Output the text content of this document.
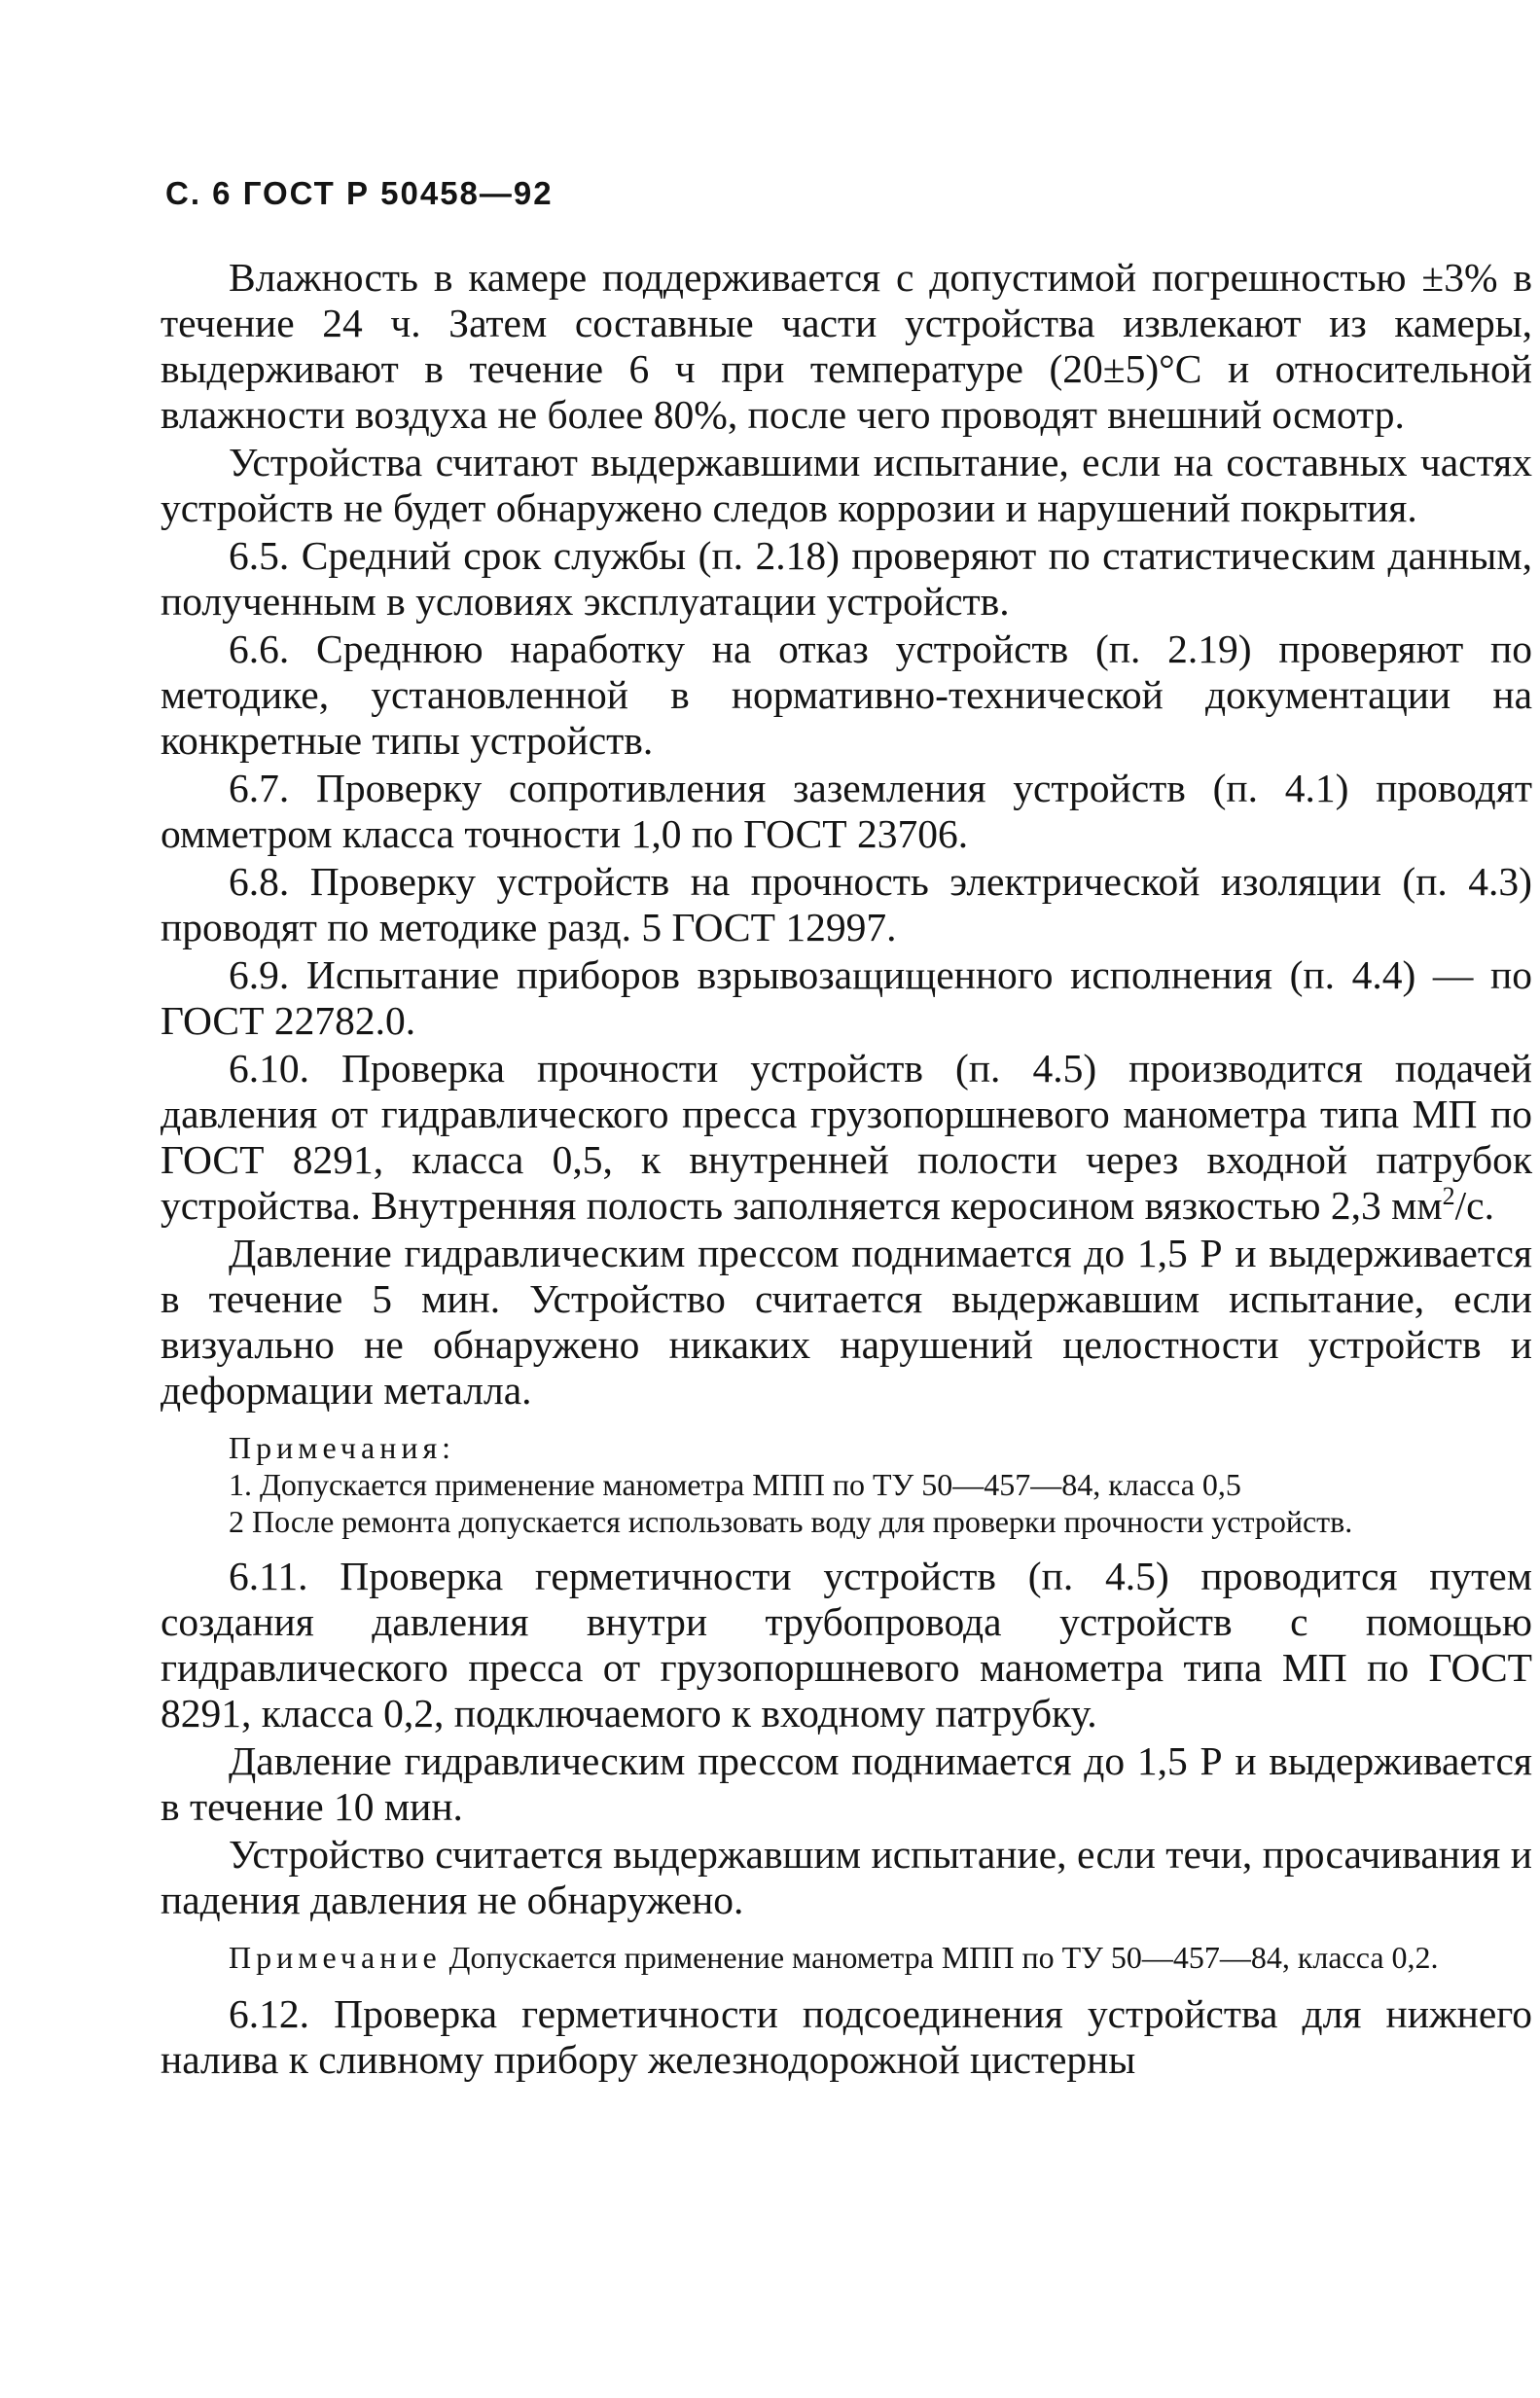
С. 6 ГОСТ Р 50458—92

Влажность в камере поддерживается с допустимой погрешностью ±3% в течение 24 ч. Затем составные части устройства извлекают из камеры, выдерживают в течение 6 ч при температуре (20±5)°С и относительной влажности воздуха не более 80%, после чего проводят внешний осмотр.

Устройства считают выдержавшими испытание, если на составных частях устройств не будет обнаружено следов коррозии и нарушений покрытия.

6.5. Средний срок службы (п. 2.18) проверяют по статистическим данным, полученным в условиях эксплуатации устройств.

6.6. Среднюю наработку на отказ устройств (п. 2.19) проверяют по методике, установленной в нормативно-технической документации на конкретные типы устройств.

6.7. Проверку сопротивления заземления устройств (п. 4.1) проводят омметром класса точности 1,0 по ГОСТ 23706.

6.8. Проверку устройств на прочность электрической изоляции (п. 4.3) проводят по методике разд. 5 ГОСТ 12997.

6.9. Испытание приборов взрывозащищенного исполнения (п. 4.4) — по ГОСТ 22782.0.

6.10. Проверка прочности устройств (п. 4.5) производится подачей давления от гидравлического пресса грузопоршневого манометра типа МП по ГОСТ 8291, класса 0,5, к внутренней полости через входной патрубок устройства. Внутренняя полость заполняется керосином вязкостью 2,3 $мм^2/с$.

Давление гидравлическим прессом поднимается до 1,5 Р и выдерживается в течение 5 мин. Устройство считается выдержавшим испытание, если визуально не обнаружено никаких нарушений целостности устройств и деформации металла.

Примечания:

1. Допускается применение манометра МПП по ТУ 50—457—84, класса 0,5

2 После ремонта допускается использовать воду для проверки прочности устройств.

6.11. Проверка герметичности устройств (п. 4.5) проводится путем создания давления внутри трубопровода устройств с помощью гидравлического пресса от грузопоршневого манометра типа МП по ГОСТ 8291, класса 0,2, подключаемого к входному патрубку.

Давление гидравлическим прессом поднимается до 1,5 Р и выдерживается в течение 10 мин.

Устройство считается выдержавшим испытание, если течи, просачивания и падения давления не обнаружено.

Примечание Допускается применение манометра МПП по ТУ 50—457—84, класса 0,2.

6.12. Проверка герметичности подсоединения устройства для нижнего налива к сливному прибору железнодорожной цистерны
